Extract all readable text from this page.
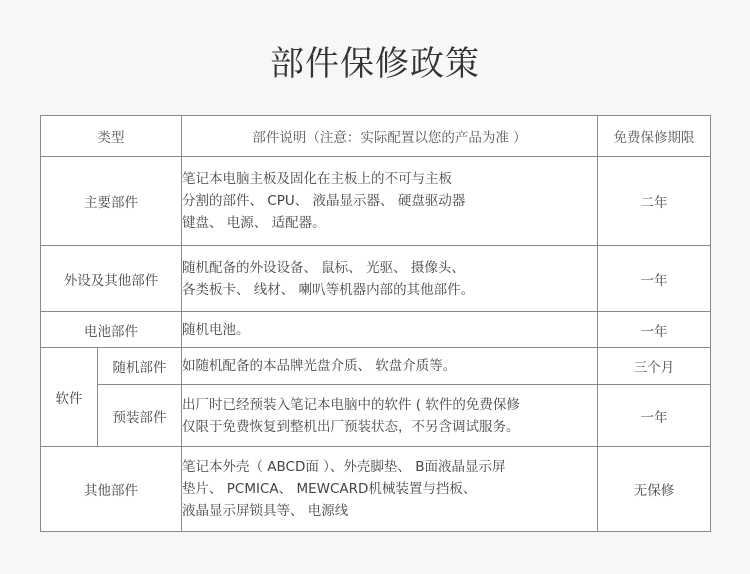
部件保修政策
类型		部件说明（注意：实际配置以您的产品为准 ）	免费保修期限
主要部件		笔记本电脑主板及固化在主板上的不可与主板
分割的部件、 CPU、 液晶显示器、 硬盘驱动器
键盘、 电源、 适配器。	二年
外设及其他部件		随机配备的外设设备、 鼠标、 光驱、 摄像头、
各类板卡、 线材、 喇叭等机器内部的其他部件。	一年
电池部件		随机电池。	一年
软件	随机部件	如随机配备的本品牌光盘介质、 软盘介质等。	三个月
	预装部件	出厂时已经预装入笔记本电脑中的软件 ( 软件的免费保修
仅限于免费恢复到整机出厂预装状态，不另含调试服务。	一年
其他部件		笔记本外壳（ ABCD面 ）、外壳脚垫、 B面液晶显示屏
垫片、 PCMICA、 MEWCARD机械装置与挡板、
液晶显示屏锁具等、 电源线	无保修
